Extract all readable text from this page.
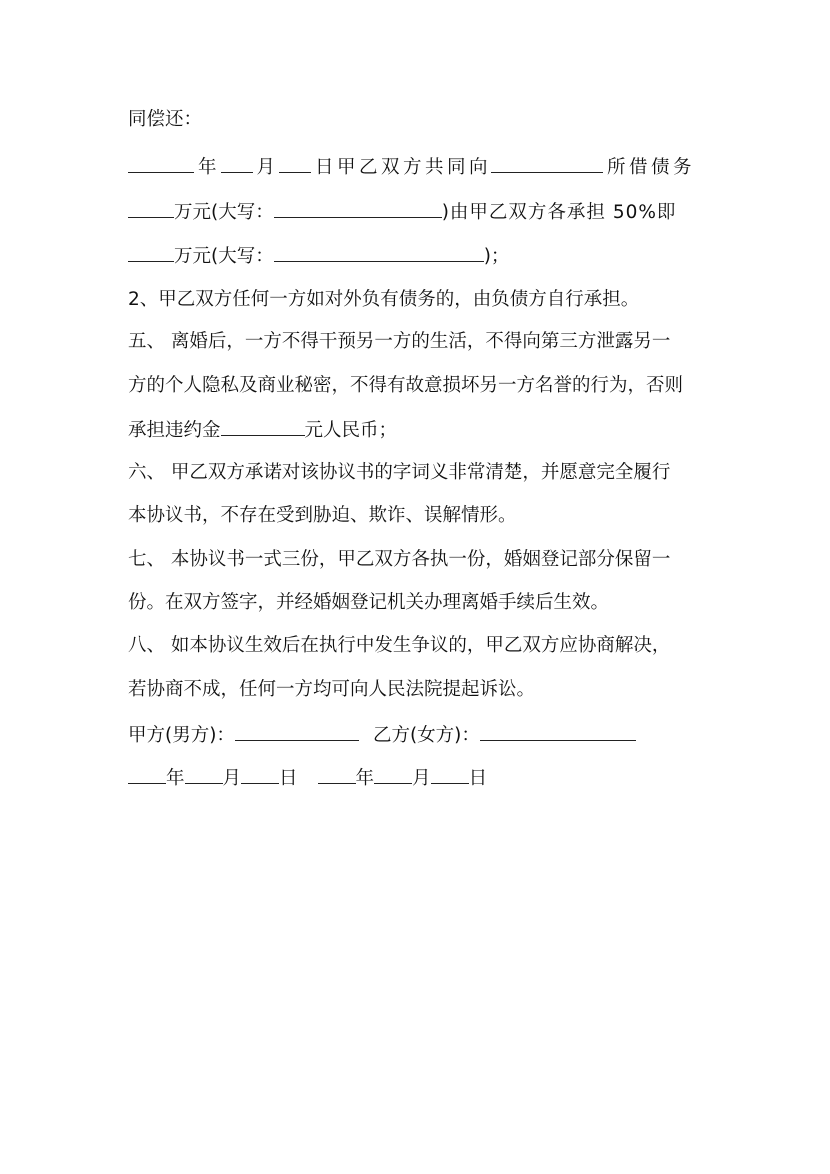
同偿还：
年 月 日甲乙双方共同向	所借债务
万元(大写：	)由甲乙双方各承担 50%即
万元(大写：	)；
2、甲乙双方任何一方如对外负有债务的，由负债方自行承担。
五、 离婚后，一方不得干预另一方的生活，不得向第三方泄露另一
方的个人隐私及商业秘密，不得有故意损坏另一方名誉的行为，否则
承担违约金	元人民币；
六、 甲乙双方承诺对该协议书的字词义非常清楚，并愿意完全履行
本协议书，不存在受到胁迫、欺诈、误解情形。
七、 本协议书一式三份，甲乙双方各执一份，婚姻登记部分保留一
份。在双方签字，并经婚姻登记机关办理离婚手续后生效。
八、 如本协议生效后在执行中发生争议的，甲乙双方应协商解决，
若协商不成，任何一方均可向人民法院提起诉讼。
甲方(男方)：	乙方(女方)：
年 月 日	年 月 日
